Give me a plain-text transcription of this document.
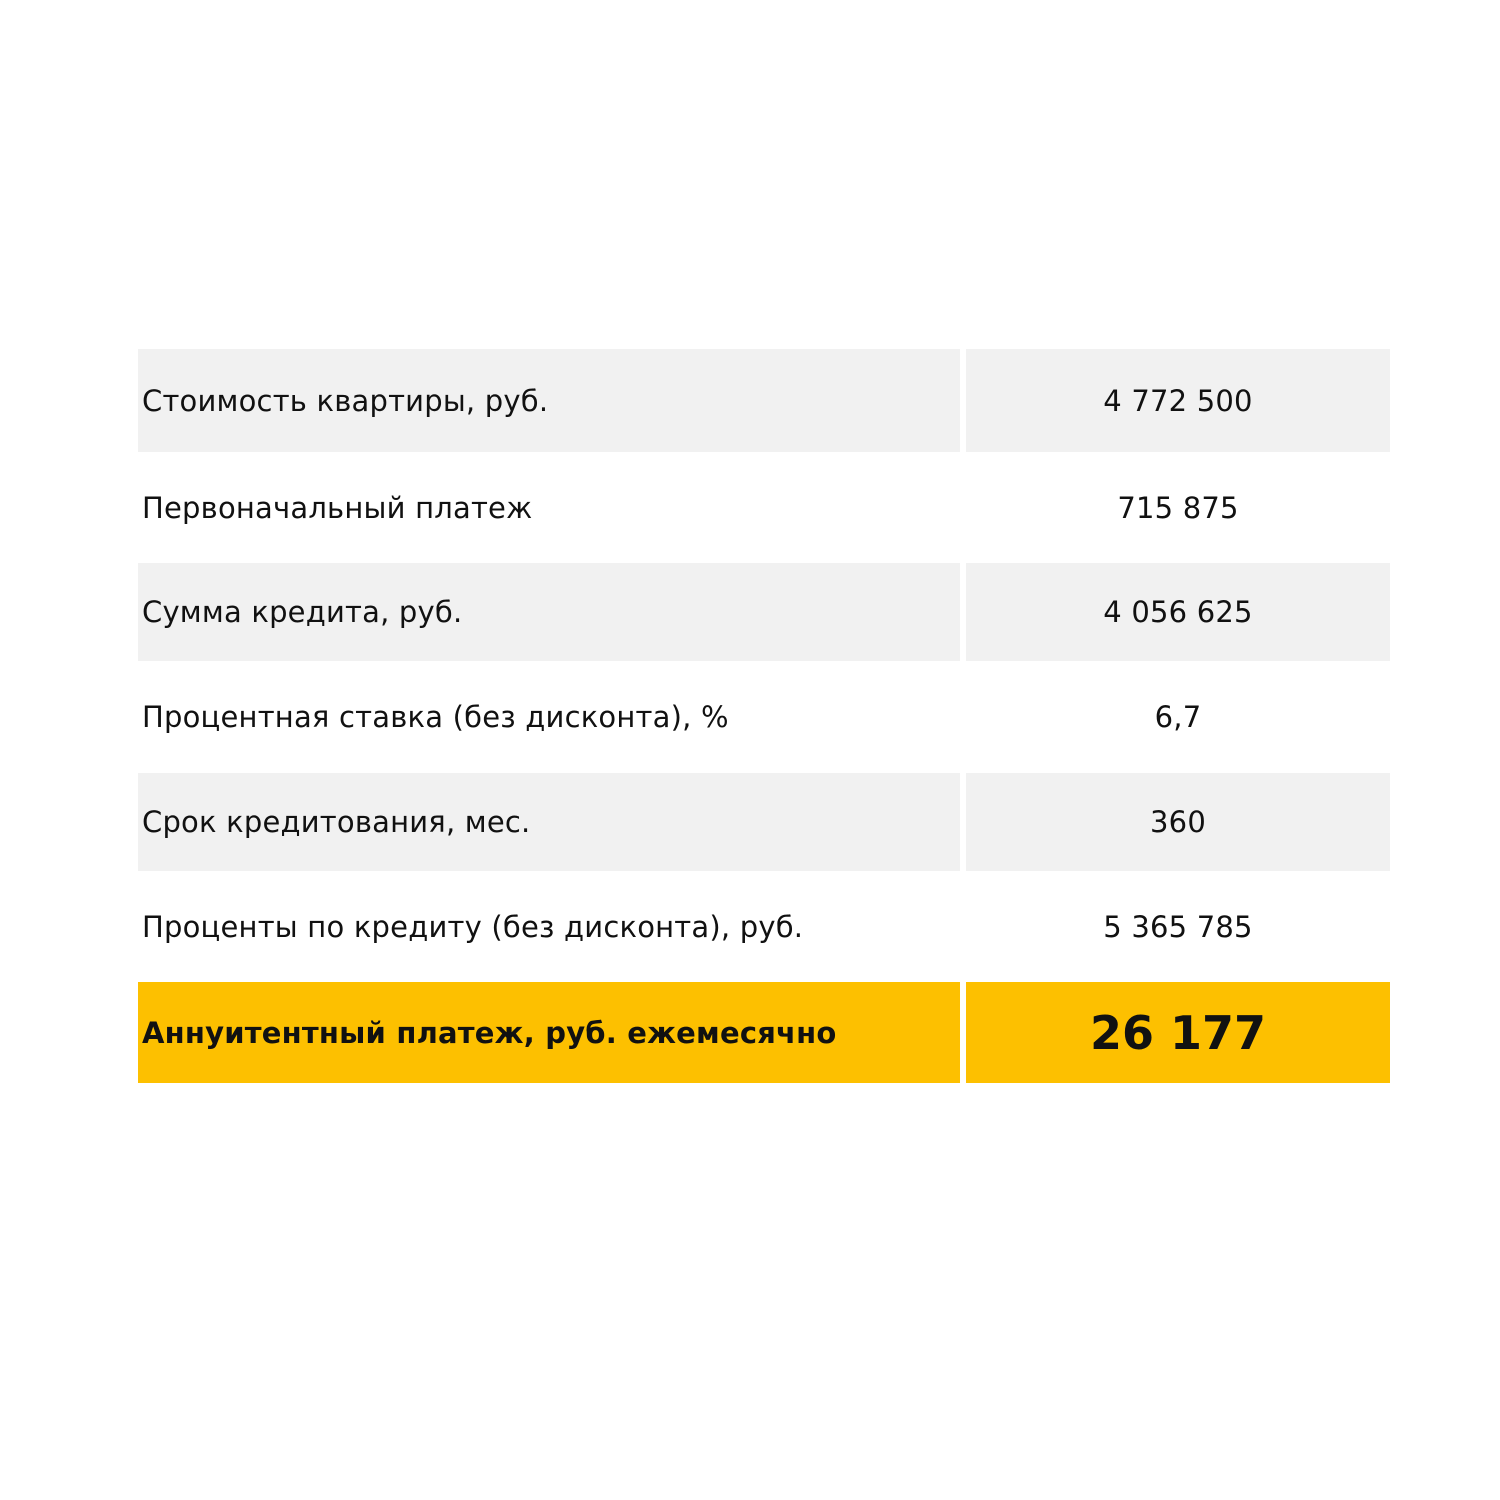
Стоимость квартиры, руб.	4 772 500
Первоначальный платеж	715 875
Сумма кредита, руб.	4 056 625
Процентная ставка (без дисконта), %	6,7
Срок кредитования, мес.	360
Проценты по кредиту (без дисконта), руб.	5 365 785
Аннуитентный платеж, руб. ежемесячно	26 177
